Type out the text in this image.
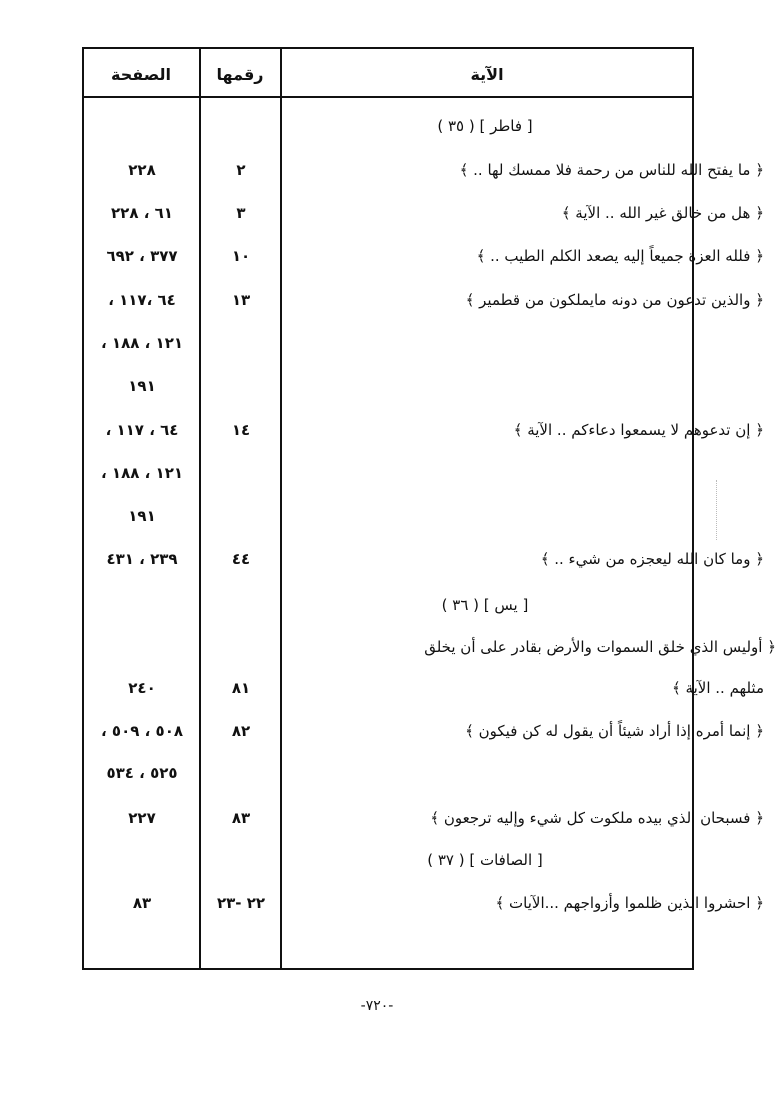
الآية
رقمها
الصفحة
[ فاطر ] ( ٣٥ )
﴿ ما يفتح الله للناس من رحمة فلا ممسك لها .. ﴾
٢
٢٢٨
﴿ هل من خالق غير الله .. الآية ﴾
٣
٦١ ، ٢٢٨
﴿ فلله العزة جميعاً إليه يصعد الكلم الطيب .. ﴾
١٠
٣٧٧ ، ٦٩٢
﴿ والذين تدعون من دونه مايملكون من قطمير ﴾
١٣
٦٤ ،١١٧ ،
١٢١ ، ١٨٨ ،
١٩١
﴿ إن تدعوهم لا يسمعوا دعاءكم .. الآية ﴾
١٤
٦٤ ، ١١٧ ،
١٢١ ، ١٨٨ ،
١٩١
﴿ وما كان الله ليعجزه من شيء .. ﴾
٤٤
٢٣٩ ، ٤٣١
[ يس ] ( ٣٦ )
﴿ أوليس الذي خلق السموات والأرض بقادر على أن يخلق
مثلهم .. الآية ﴾
٨١
٢٤٠
﴿ إنما أمره إذا أراد شيئاً أن يقول له كن فيكون ﴾
٨٢
٥٠٨ ، ٥٠٩ ،
٥٢٥ ، ٥٣٤
﴿ فسبحان الذي بيده ملكوت كل شيء وإليه ترجعون ﴾
٨٣
٢٢٧
[ الصافات ] ( ٣٧ )
﴿ احشروا الذين ظلموا وأزواجهم ...الآيات ﴾
٢٢ -٢٣
٨٣
-٧٢٠-
